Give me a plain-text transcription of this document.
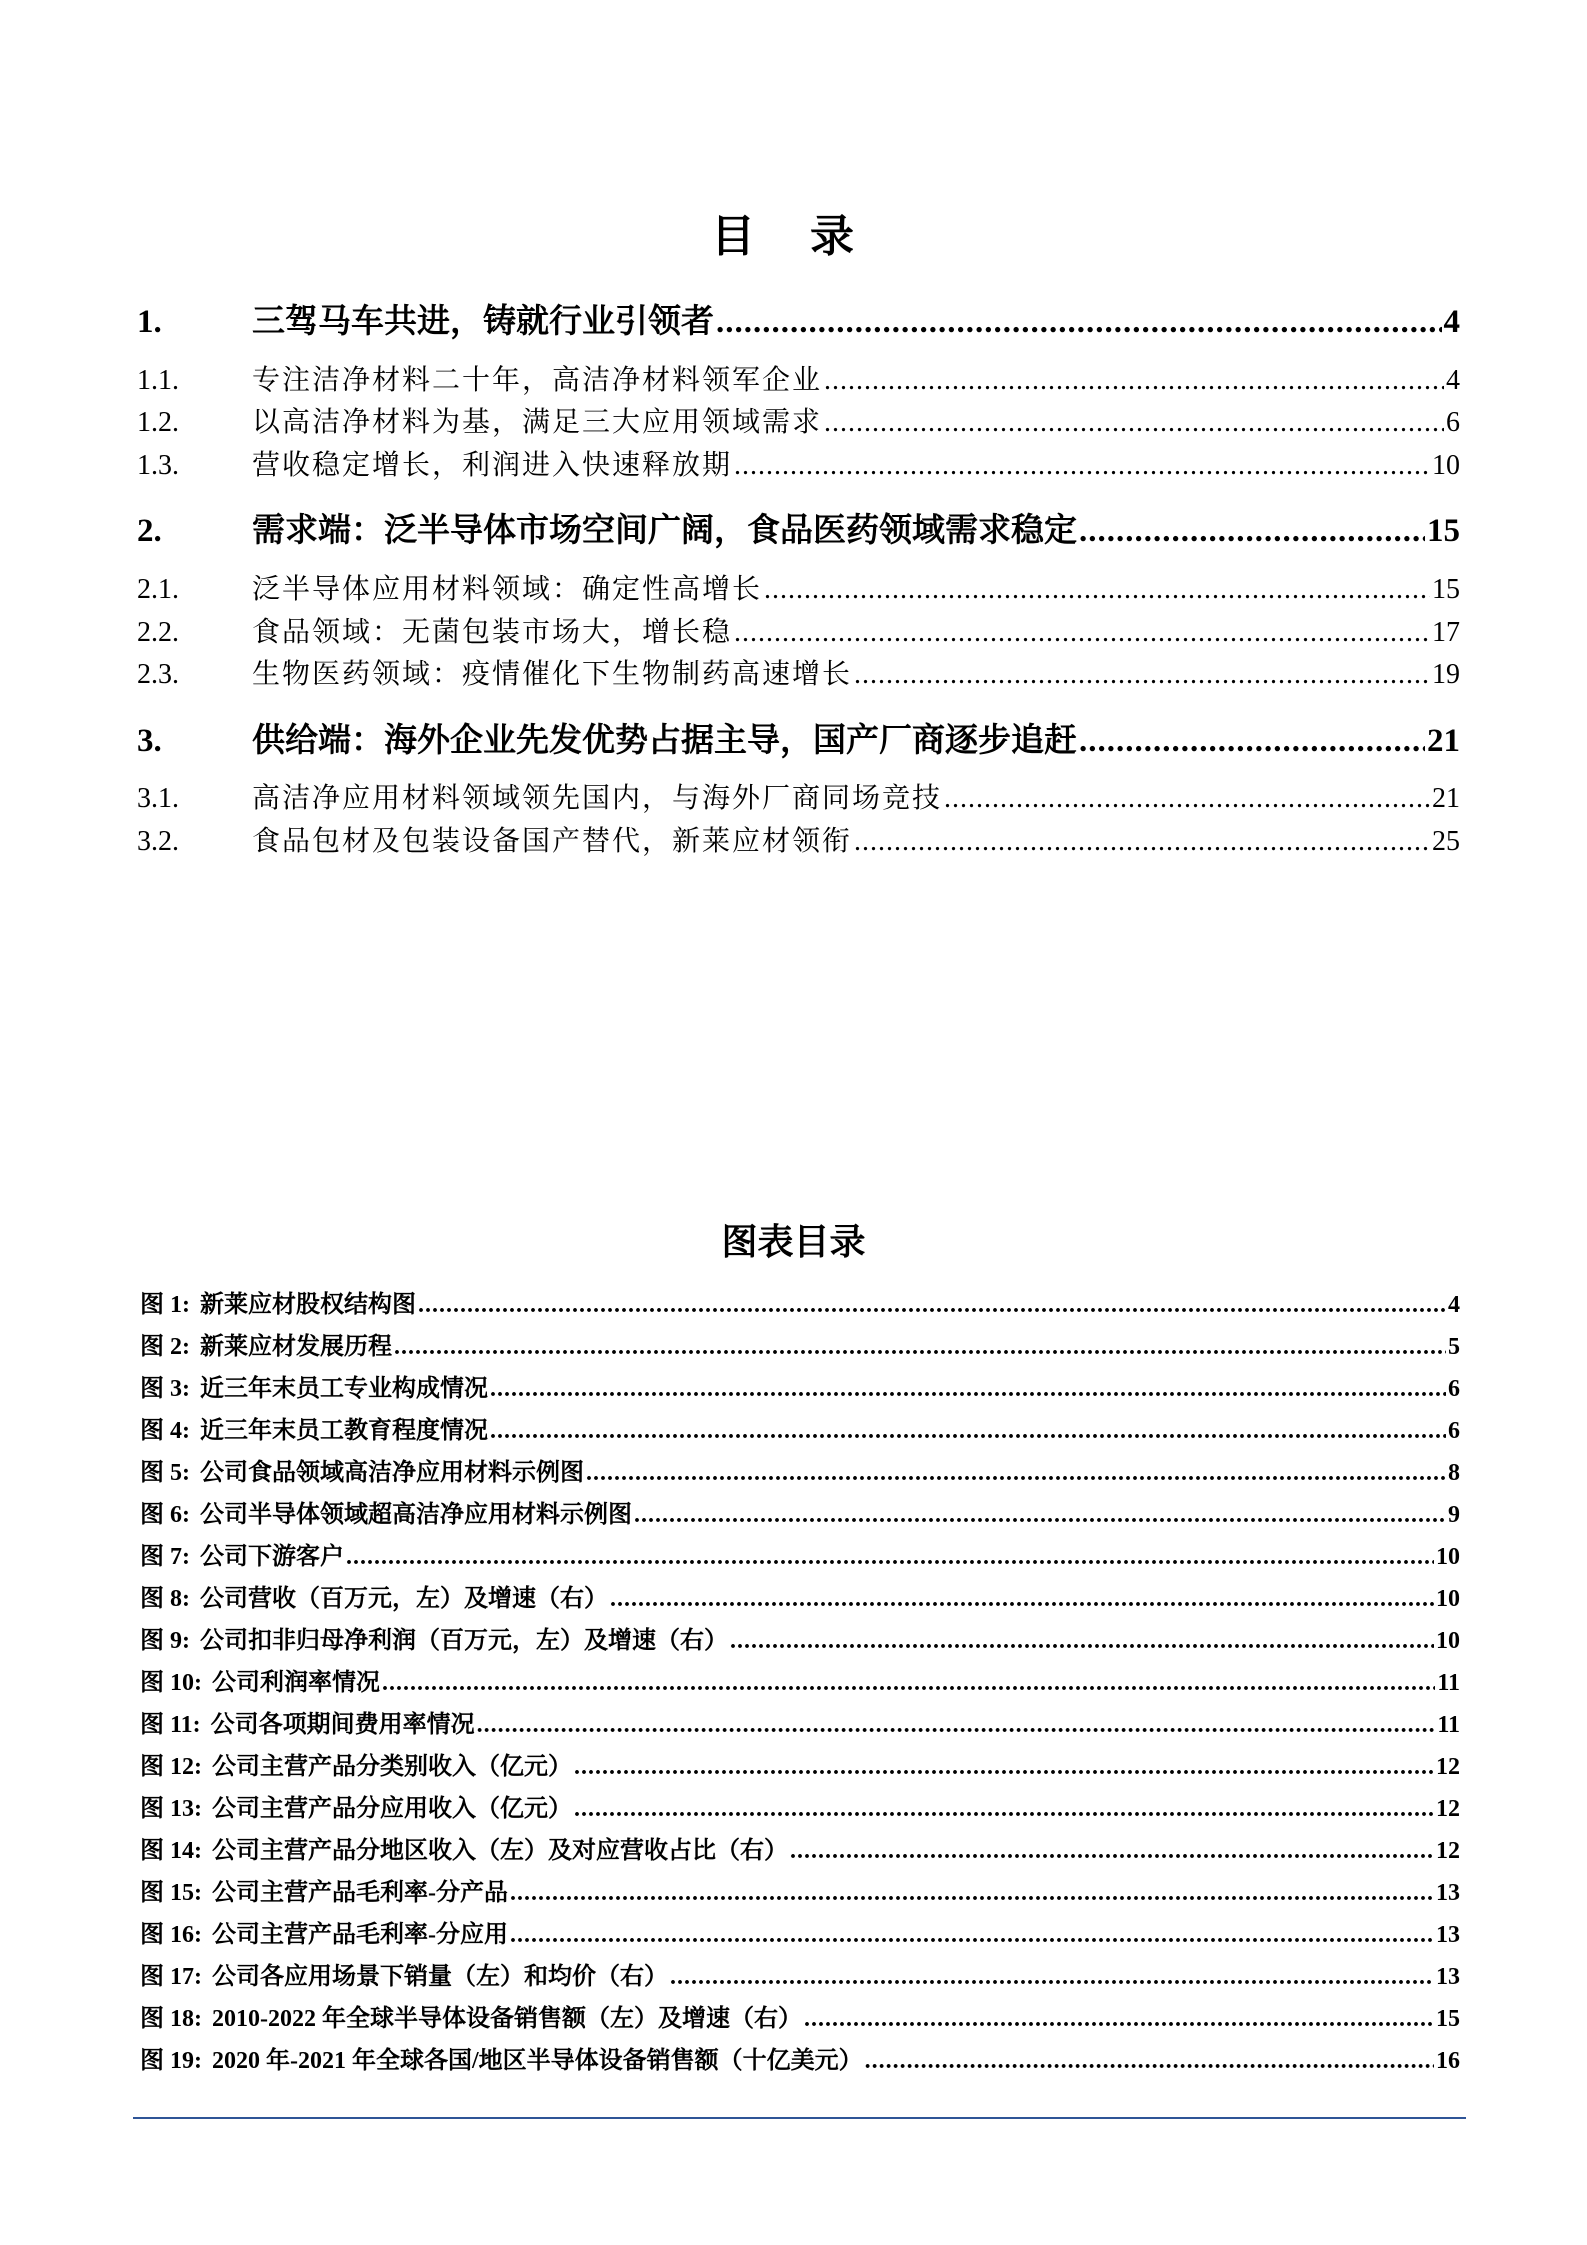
目 录
1.	三驾马车共进，铸就行业引领者 .....	4
1.1.	专注洁净材料二十年，高洁净材料领军企业 .....	4
1.2.	以高洁净材料为基，满足三大应用领域需求 .....	6
1.3.	营收稳定增长，利润进入快速释放期 .....	10
2.	需求端：泛半导体市场空间广阔，食品医药领域需求稳定 .....	15
2.1.	泛半导体应用材料领域：确定性高增长 .....	15
2.2.	食品领域：无菌包装市场大，增长稳 .....	17
2.3.	生物医药领域：疫情催化下生物制药高速增长 .....	19
3.	供给端：海外企业先发优势占据主导，国产厂商逐步追赶 .....	21
3.1.	高洁净应用材料领域领先国内，与海外厂商同场竞技 .....	21
3.2.	食品包材及包装设备国产替代，新莱应材领衔 .....	25
图表目录
图 1: 新莱应材股权结构图 .....	4
图 2: 新莱应材发展历程 .....	5
图 3: 近三年末员工专业构成情况 .....	6
图 4: 近三年末员工教育程度情况 .....	6
图 5: 公司食品领域高洁净应用材料示例图 .....	8
图 6: 公司半导体领域超高洁净应用材料示例图 .....	9
图 7: 公司下游客户 .....	10
图 8: 公司营收（百万元，左）及增速（右） .....	10
图 9: 公司扣非归母净利润（百万元，左）及增速（右） .....	10
图 10: 公司利润率情况 .....	11
图 11: 公司各项期间费用率情况 .....	11
图 12: 公司主营产品分类别收入（亿元） .....	12
图 13: 公司主营产品分应用收入（亿元） .....	12
图 14: 公司主营产品分地区收入（左）及对应营收占比（右） .....	12
图 15: 公司主营产品毛利率-分产品 .....	13
图 16: 公司主营产品毛利率-分应用 .....	13
图 17: 公司各应用场景下销量（左）和均价（右） .....	13
图 18: 2010-2022 年全球半导体设备销售额（左）及增速（右） .....	15
图 19: 2020 年-2021 年全球各国/地区半导体设备销售额（十亿美元） .....	16
